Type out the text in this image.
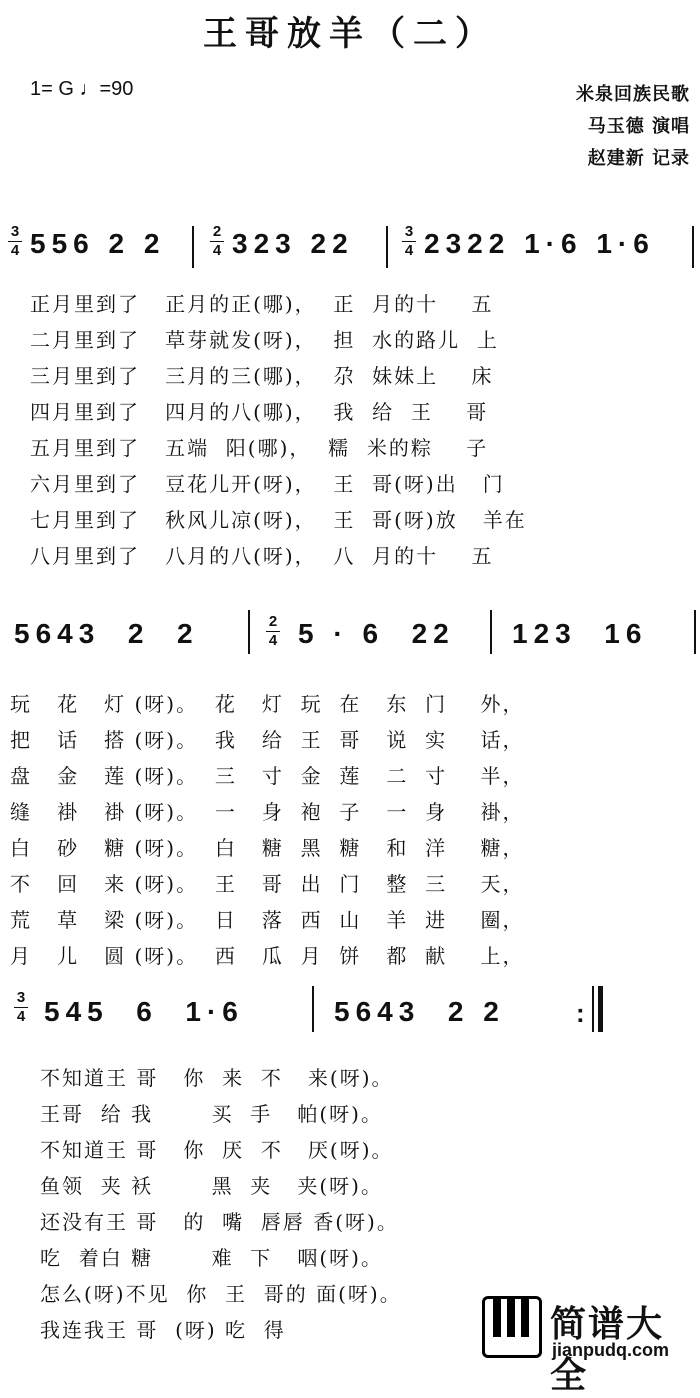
王哥放羊（二）
1= G ♩=90	米泉回族民歌
马玉德 演唱
赵建新 记录
3
4 556 2 2	2
4 323 22	3
4 2322 1·6 1·6
正月里到了   正月的正(哪)，  正  月的十    五
二月里到了   草芽就发(呀)，  担  水的路儿  上
三月里到了   三月的三(哪)，  尕  妹妹上    床
四月里到了   四月的八(哪)，  我  给  王    哥
五月里到了   五端  阳(哪)，  糯  米的粽    子
六月里到了   豆花儿开(呀)，  王  哥(呀)出   门
七月里到了   秋风儿凉(呀)，  王  哥(呀)放   羊在
八月里到了   八月的八(呀)，  八  月的十    五
5643  2  2	2
4 5 · 6  22 123  16
玩   花   灯 (呀)。  花   灯  玩  在   东  门    外，
把   话   搭 (呀)。  我   给  王  哥   说  实    话，
盘   金   莲 (呀)。  三   寸  金  莲   二  寸    半，
缝   褂   褂 (呀)。  一   身  袍  子   一  身    褂，
白   砂   糖 (呀)。  白   糖  黑  糖   和  洋    糖，
不   回   来 (呀)。  王   哥  出  门   整  三    天，
荒   草   梁 (呀)。  日   落  西  山   羊  进    圈，
月   儿   圆 (呀)。  西   瓜  月  饼   都  献    上，
3
4 545  6  1·6	5643  2 2	:
不知道王 哥   你  来  不   来(呀)。
王哥  给 我       买  手   帕(呀)。
不知道王 哥   你  厌  不   厌(呀)。
鱼领  夹 袄       黑  夹   夹(呀)。
还没有王 哥   的  嘴  唇唇 香(呀)。
吃  着白 糖       难  下   咽(呀)。
怎么(呀)不见  你  王  哥的 面(呀)。
我连我王 哥  (呀) 吃  得	简谱大全
jianpudq.com
